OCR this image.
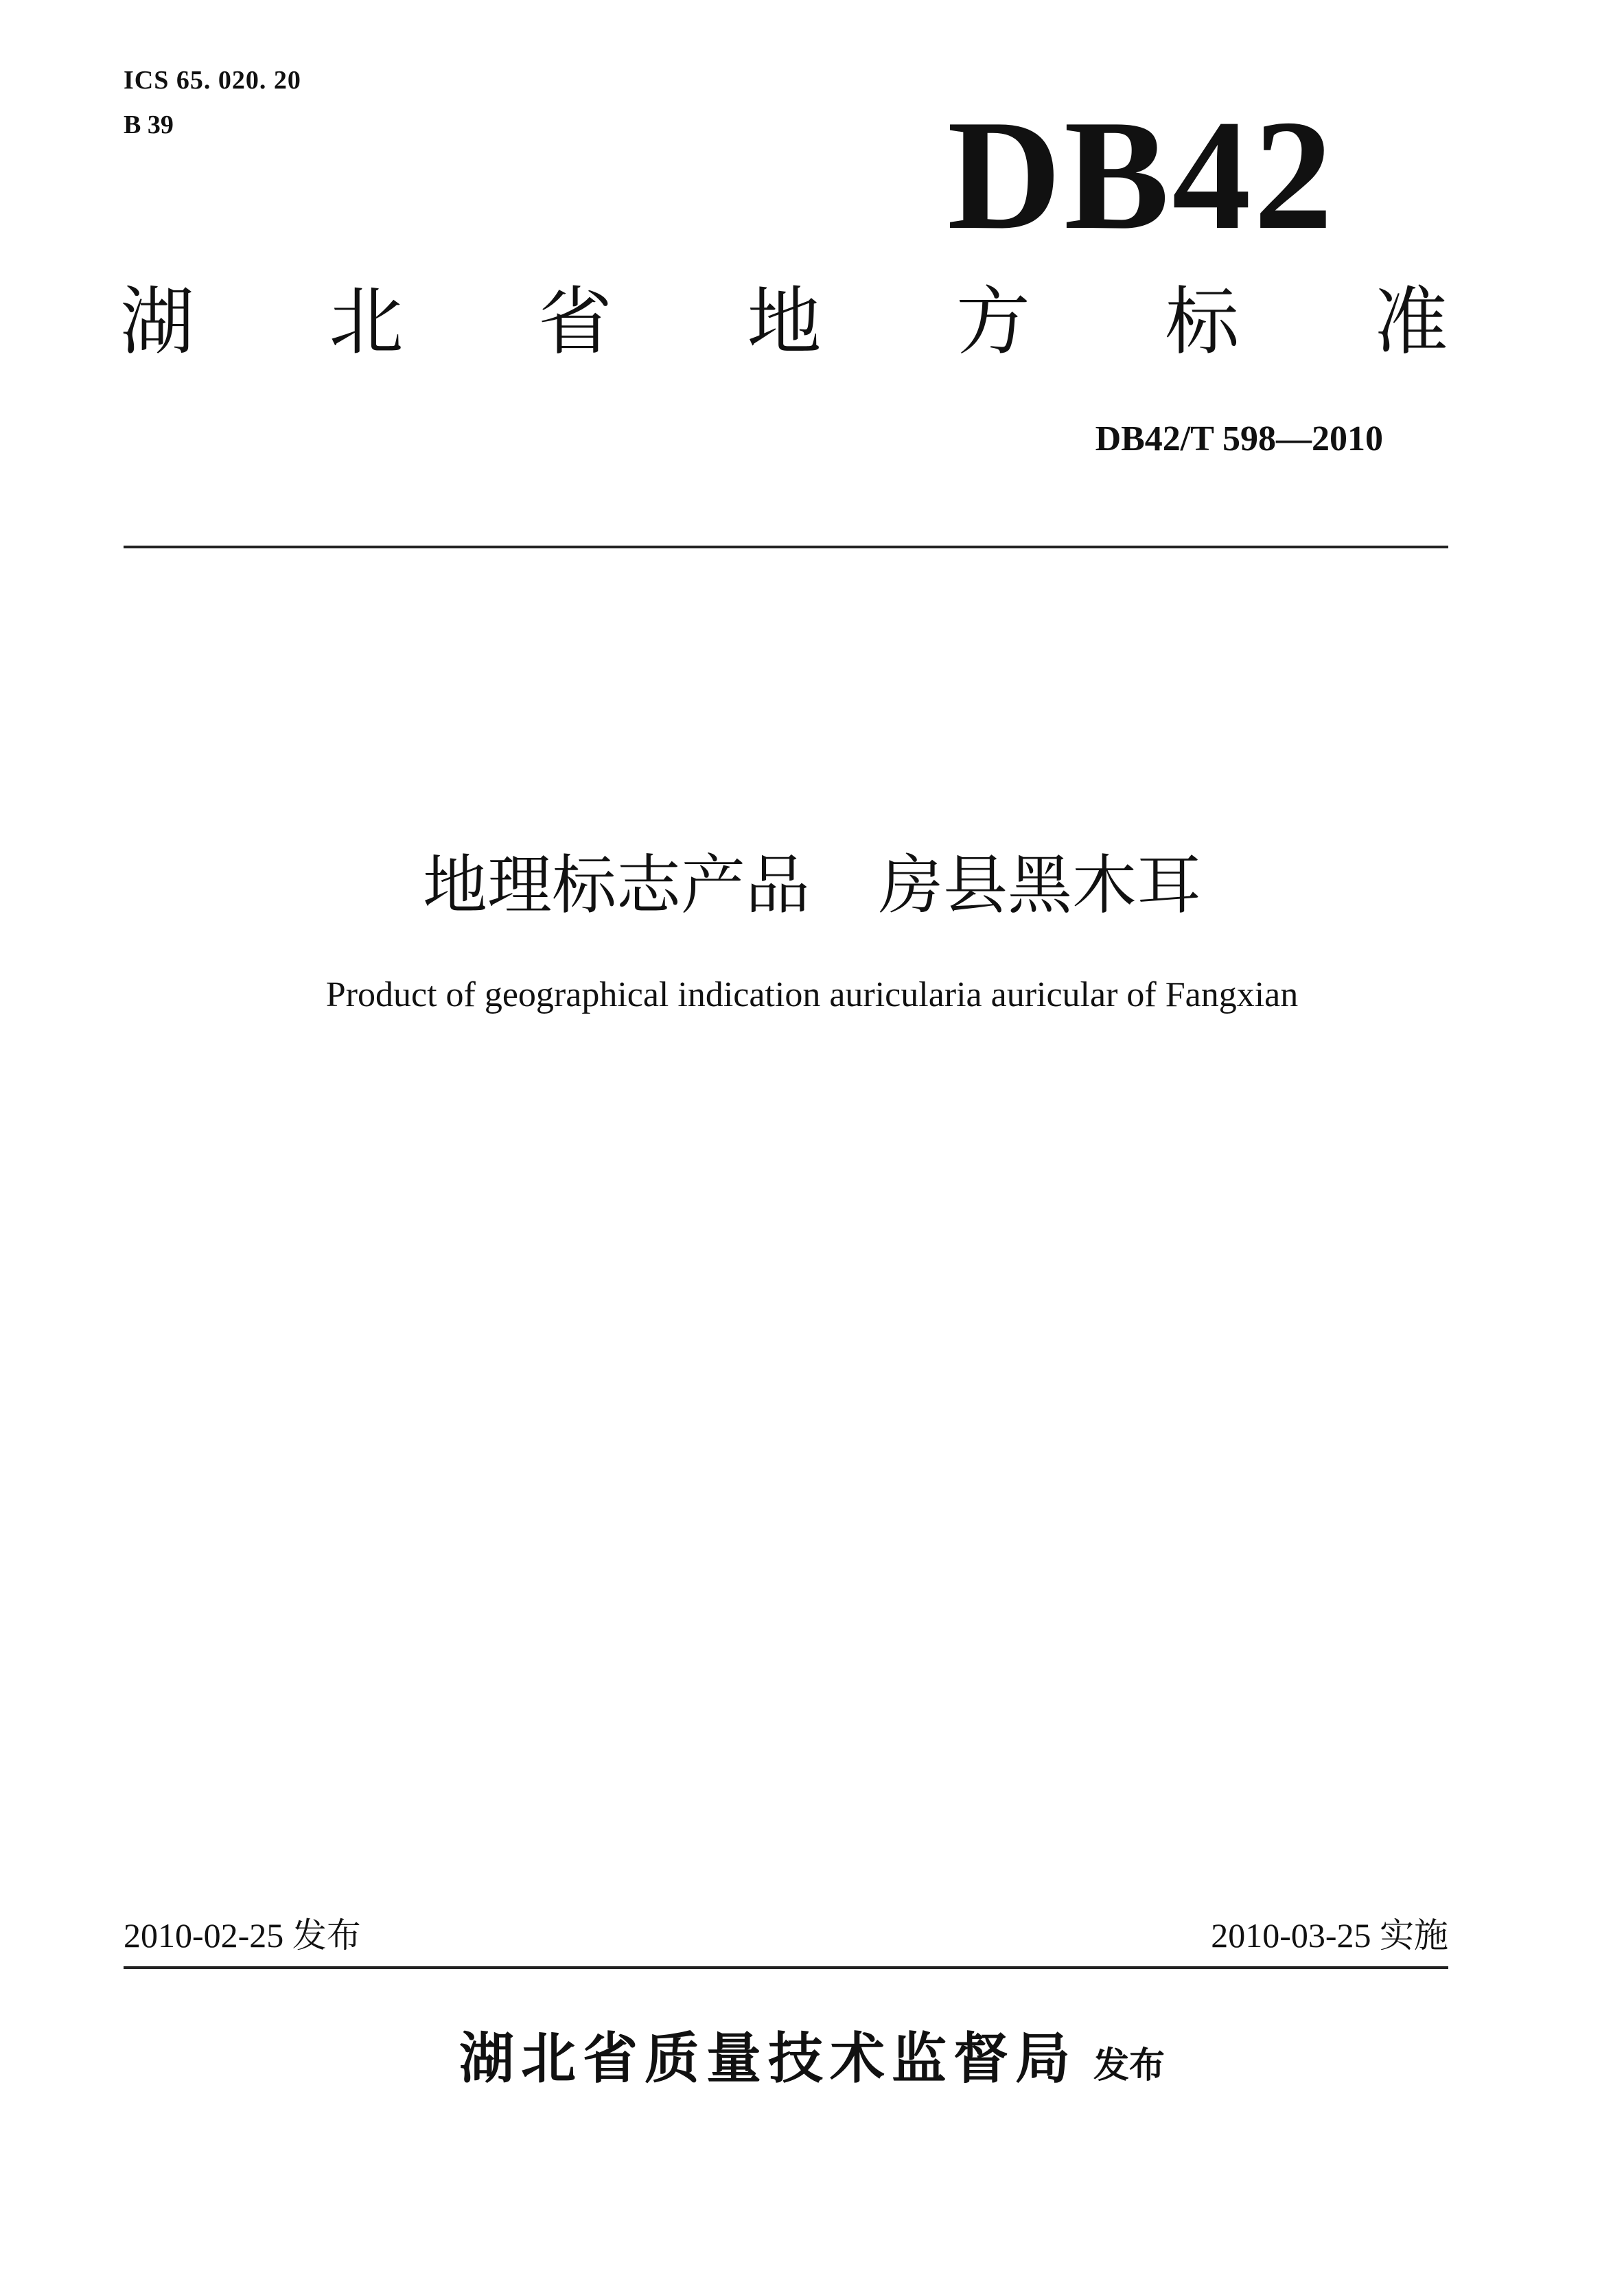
ICS 65. 020. 20
B 39	DB42
湖 北 省 地 方 标 准
DB42/T 598—2010
地理标志产品 房县黑木耳
Product of geographical indication auricularia auricular of Fangxian
2010-02-25 发布	2010-03-25 实施
湖北省质量技术监督局 发布
